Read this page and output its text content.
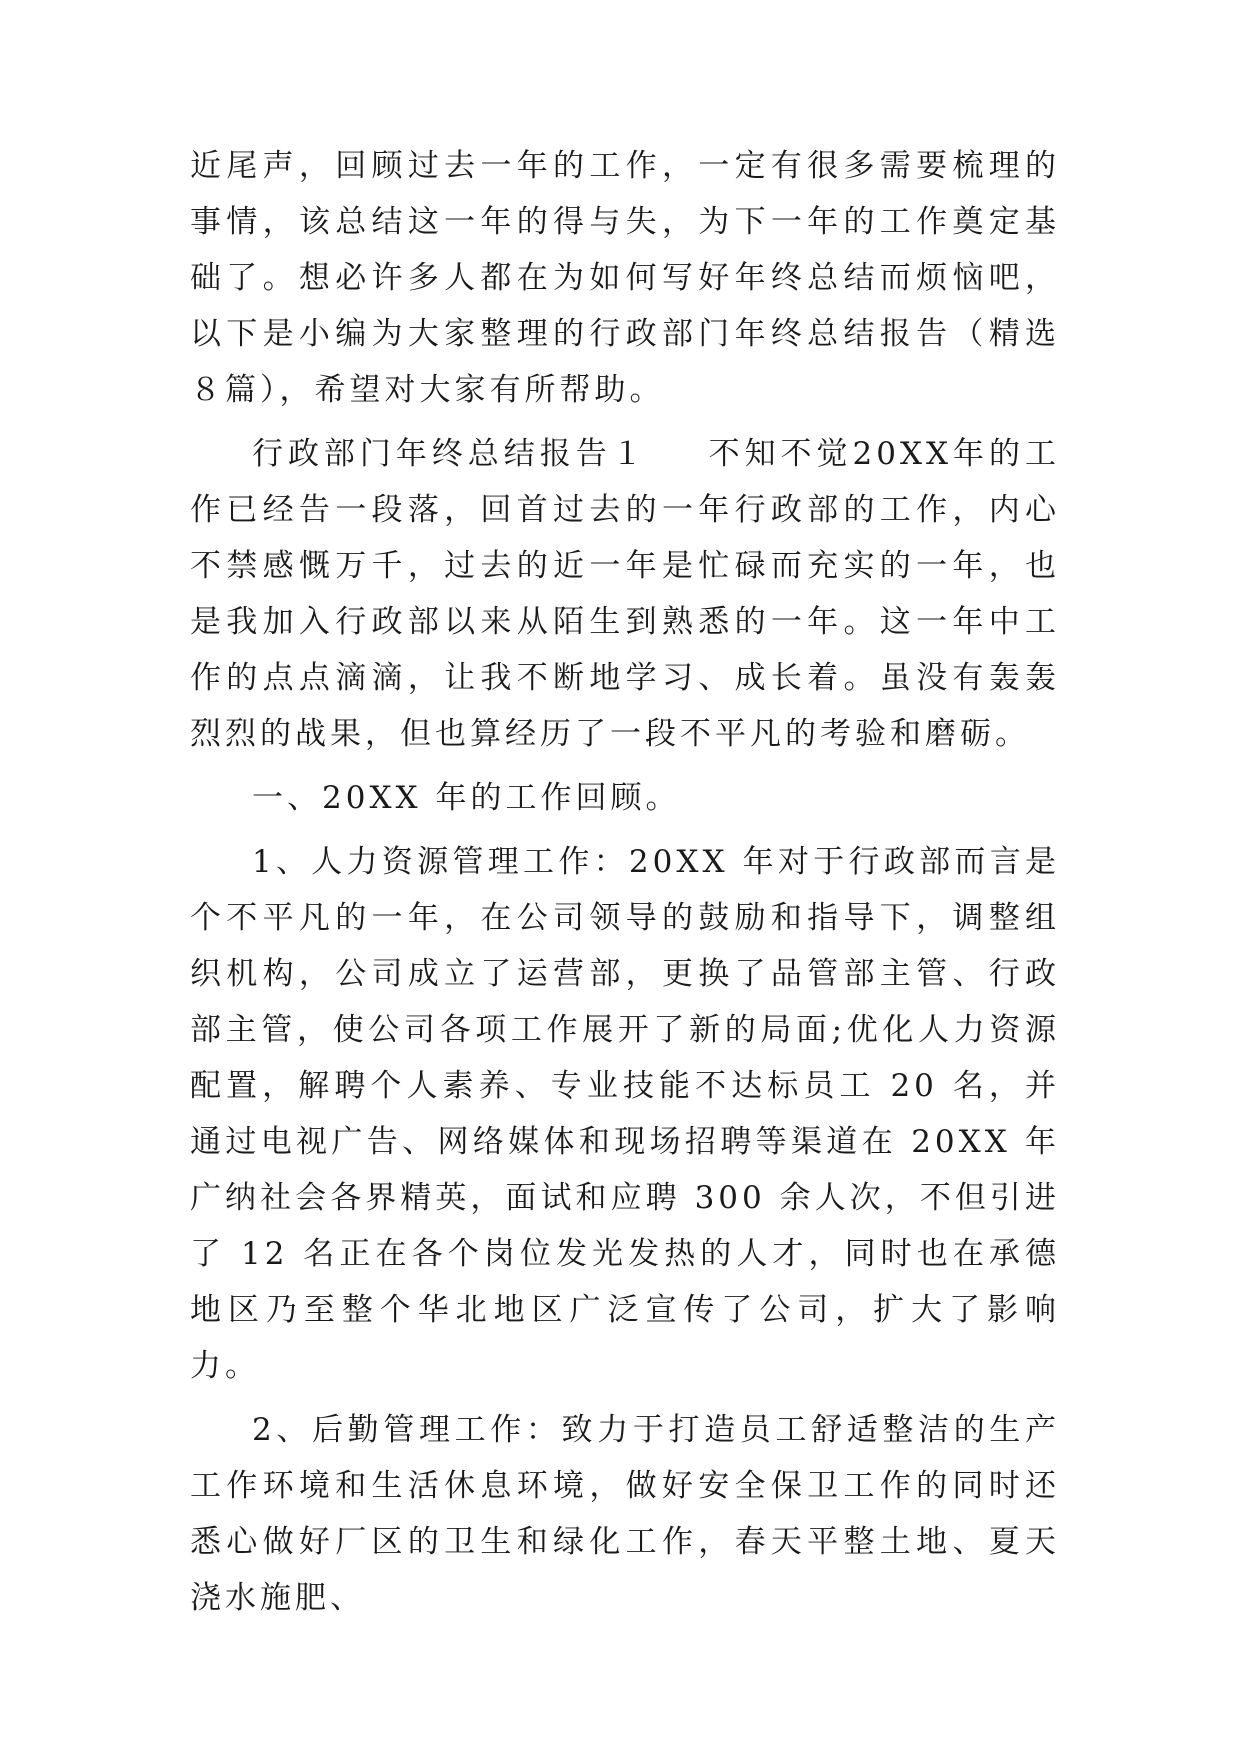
近尾声，回顾过去一年的工作，一定有很多需要梳理的事情，该总结这一年的得与失，为下一年的工作奠定基础了。想必许多人都在为如何写好年终总结而烦恼吧，以下是小编为大家整理的行政部门年终总结报告（精选８篇），希望对大家有所帮助。

行政部门年终总结报告１ 不知不觉20XX年的工作已经告一段落，回首过去的一年行政部的工作，内心不禁感慨万千，过去的近一年是忙碌而充实的一年，也是我加入行政部以来从陌生到熟悉的一年。这一年中工作的点点滴滴，让我不断地学习、成长着。虽没有轰轰烈烈的战果，但也算经历了一段不平凡的考验和磨砺。

一、20XX 年的工作回顾。

1、人力资源管理工作：20XX 年对于行政部而言是个不平凡的一年，在公司领导的鼓励和指导下，调整组织机构，公司成立了运营部，更换了品管部主管、行政部主管，使公司各项工作展开了新的局面;优化人力资源配置，解聘个人素养、专业技能不达标员工 20 名，并通过电视广告、网络媒体和现场招聘等渠道在 20XX 年广纳社会各界精英，面试和应聘 300 余人次，不但引进了 12 名正在各个岗位发光发热的人才，同时也在承德地区乃至整个华北地区广泛宣传了公司，扩大了影响力。

2、后勤管理工作：致力于打造员工舒适整洁的生产工作环境和生活休息环境，做好安全保卫工作的同时还悉心做好厂区的卫生和绿化工作，春天平整土地、夏天浇水施肥、
